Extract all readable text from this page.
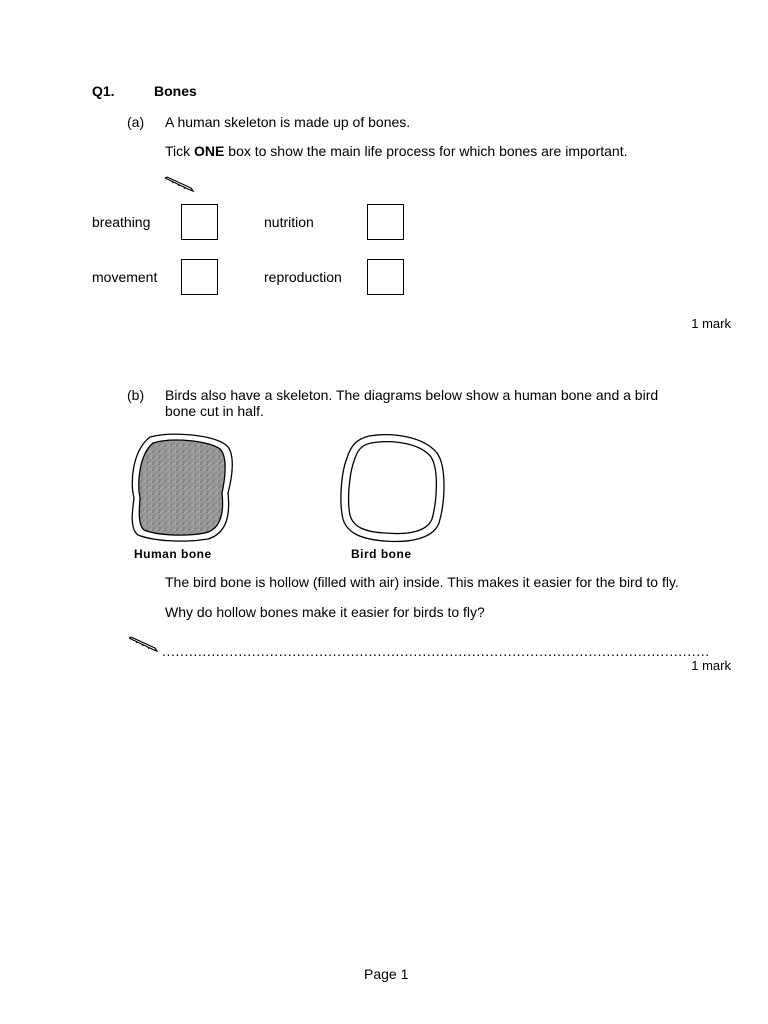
Q1.	Bones
(a) A human skeleton is made up of bones.
Tick ONE box to show the main life process for which bones are important.
breathing	nutrition
movement	reproduction
1 mark
(b) Birds also have a skeleton. The diagrams below show a human bone and a bird
bone cut in half.
Human bone	Bird bone
The bird bone is hollow (filled with air) inside. This makes it easier for the bird to fly.
Why do hollow bones make it easier for birds to fly?
..........................................................................................................................
1 mark
Page 1
